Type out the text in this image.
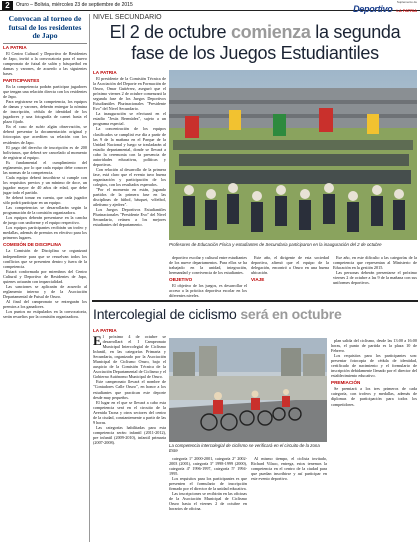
2	Oruro – Bolivia, miércoles 23 de septiembre de 2015	Suplemento de
Deportivo LA PATRIA
Convocan al torneo de futsal de los residentes de Japo
LA PATRIA

El Centro Cultural y Deportivo de Residentes de Japo, invitó a la convocatoria para el nuevo campeonato de futsal de salón y básquetbol en damas y varones, de acuerdo a las siguientes bases.

PARTICIPANTES

En la competencia podrán participar jugadores que tengan una relación directa con los residentes de Japo.

Para registrarse en la competencia, los equipos de damas y varones, deberán entregar la nómina de inscripción, cédula de identidad de los jugadores y una fotografía de carnet hasta el plazo fijado.

En el caso de sufrir algún observación, se deberá presentar la documentación original y fotocopias que acrediten su relación con los residentes de Japo.

El pago del derecho de inscripción es de 200 bolivianos, que deberá ser cancelado al momento de registrar al equipo.

Es fundamental el cumplimiento del reglamento, por lo que cada equipo debe conocer las normas de la competencia.

Cada equipo deberá inscribirse si cumple con los requisitos previos y un mínimo de doce, un jugador mayor de 40 años de edad, que debe jugar todo el partido.

Se deberá tomar en cuenta, que cada jugador sólo podrá participar en un equipo.

Las competencias se desarrollarán según la programación de la comisión organizadora.

Los equipos deberán presentarse en la cancha de juego con uniforme y el equipo respectivo.

Los equipos participantes recibirán un trofeo y medallas, además de premios en efectivo para los primeros lugares.

COMISIÓN DE DISCIPLINA

La Comisión de Disciplina se organizará independiente para que se resuelvan todos los conflictos que se presenten dentro y fuera de la competencia.

Estará conformada por miembros del Centro Cultural y Deportivo de Residentes de Japo, quienes actuarán con imparcialidad.

Las sanciones se aplicarán de acuerdo al reglamento interno y de la Asociación Departamental de Futsal de Oruro.

Al final del campeonato se entregarán los premios a los ganadores.

Los puntos no estipulados en la convocatoria, serán resueltos por la comisión organizadora.

NIVEL SECUNDARIO
El 2 de octubre comienza la segunda fase de los Juegos Estudiantiles
LA PATRIA

El presidente de la Comisión Técnica de la Asociación del Deporte en Formación de Oruro, Omar Gutiérrez, aseguró que el próximo viernes 2 de octubre comenzará la segunda fase de los Juegos Deportivos Estudiantiles Plurinacionales "Presidente Evo" del Nivel Secundario.

La inauguración se efectuará en el estadio "Jesús Bermúdez", sujeto a un programa especial.

La concentración de los equipos clasificados se cumplirá ese día a partir de las 9 de la mañana en el Parque de la Unidad Nacional y luego se trasladarán al estadio departamental, donde se llevará a cabo la ceremonia con la presencia de autoridades educativas, políticas y deportivas.

Con relación al desarrollo de la primera fase, está claro que el evento tuvo buena organización y participación de los colegios, con los resultados esperados.

"Por el momento en están, jugando partidos de la primera fase en las disciplinas de fútbol, básquet, vóleibol, atletismo y ajedrez".

Los Juegos Deportivos Estudiantiles Plurinacionales "Presidente Evo" del Nivel Secundario, reúnen a los mejores estudiantes del departamento.

Profesores de Educación Física y estudiantes de Secundaria participaron en la inauguración del 2 de octubre

deportivo escolar y cultural entre estudiantes de los nueve departamentos. Para ellos se ha trabajado en la unidad, integración, hermandad y convivencia de los estudiantes.

OBJETIVO

El objetivo de los juegos, es desarrollar el acceso a la práctica deportiva escolar en los diferentes niveles.

Este año, el dirigente de esta sociedad deportiva, afirmó que el equipo de la delegación, encontró a Oruro en una buena ubicación.

VIAJE

Ese año, en este dificulto a las categorías de la competencia que representan al Ministerio de Educación en la gestión 2015.

Las personas deberán presentarse el próximo viernes 2 de octubre a las 9 de la mañana con sus uniformes deportivos.

Intercolegial de ciclismo será en octubre
LA PATRIA

El próximo 4 de octubre se desarrollará el I Campeonato Municipal Intercolegial de Ciclismo Infantil, en las categorías Primaria y Secundaria, organizado por la Asociación Municipal de Ciclismo Oruro, bajo el auspicio de la Comisión Técnica de la Asociación Departamental de Ciclismo y el Gobierno Autónomo Municipal de Oruro.

Este campeonato llevará el nombre de "Contadores Calle Oruro", en honor a los estudiantes que practican este deporte desde muy pequeños.

El lugar en el que se llevará a cabo esta competencia será en el circuito de la Avenida Tacna y otros sectores del centro de la ciudad, constantemente a partir de las 9 horas.

Las categorías habilitadas para esta competencia serán: infantil (2011-2012), pre infantil (2009-2010), infantil primaria (2007-2008).

La competencia intercolegial de ciclismo se verificará en el circuito de la zona Este

categoría 1º 2000-2001, categoría 2º 2002-2003 (2001), categoría 3º 1998-1999 (2000), categoría 4º 1996-1997, categoría 5º 1994-1995.

Los requisitos para los participantes es que presenten el formulario de inscripción firmado por el director de la unidad educativa.

Las inscripciones se recibirán en las oficinas de la Asociación Municipal de Ciclismo Oruro hasta el viernes 2 de octubre en horarios de oficina.

Al mismo tiempo, el ciclista invitado, Richard Vilaco, entrega, estos tenemos la competencia en el centro de la ciudad para que puedan inscribirse y así participar en este evento deportivo.

plan salida del ciclismo, desde las 13:00 a 16:00 horas, el punto de partida es la plaza 10 de Febrero.

Los requisitos para los participantes son: presentar fotocopia de cédula de identidad, certificado de nacimiento y el formulario de inscripción debidamente llenado por el director del establecimiento educativo.

PREMIACIÓN

Se premiará a los tres primeros de cada categoría, con trofeos y medallas, además de diplomas de participación para todos los competidores.
